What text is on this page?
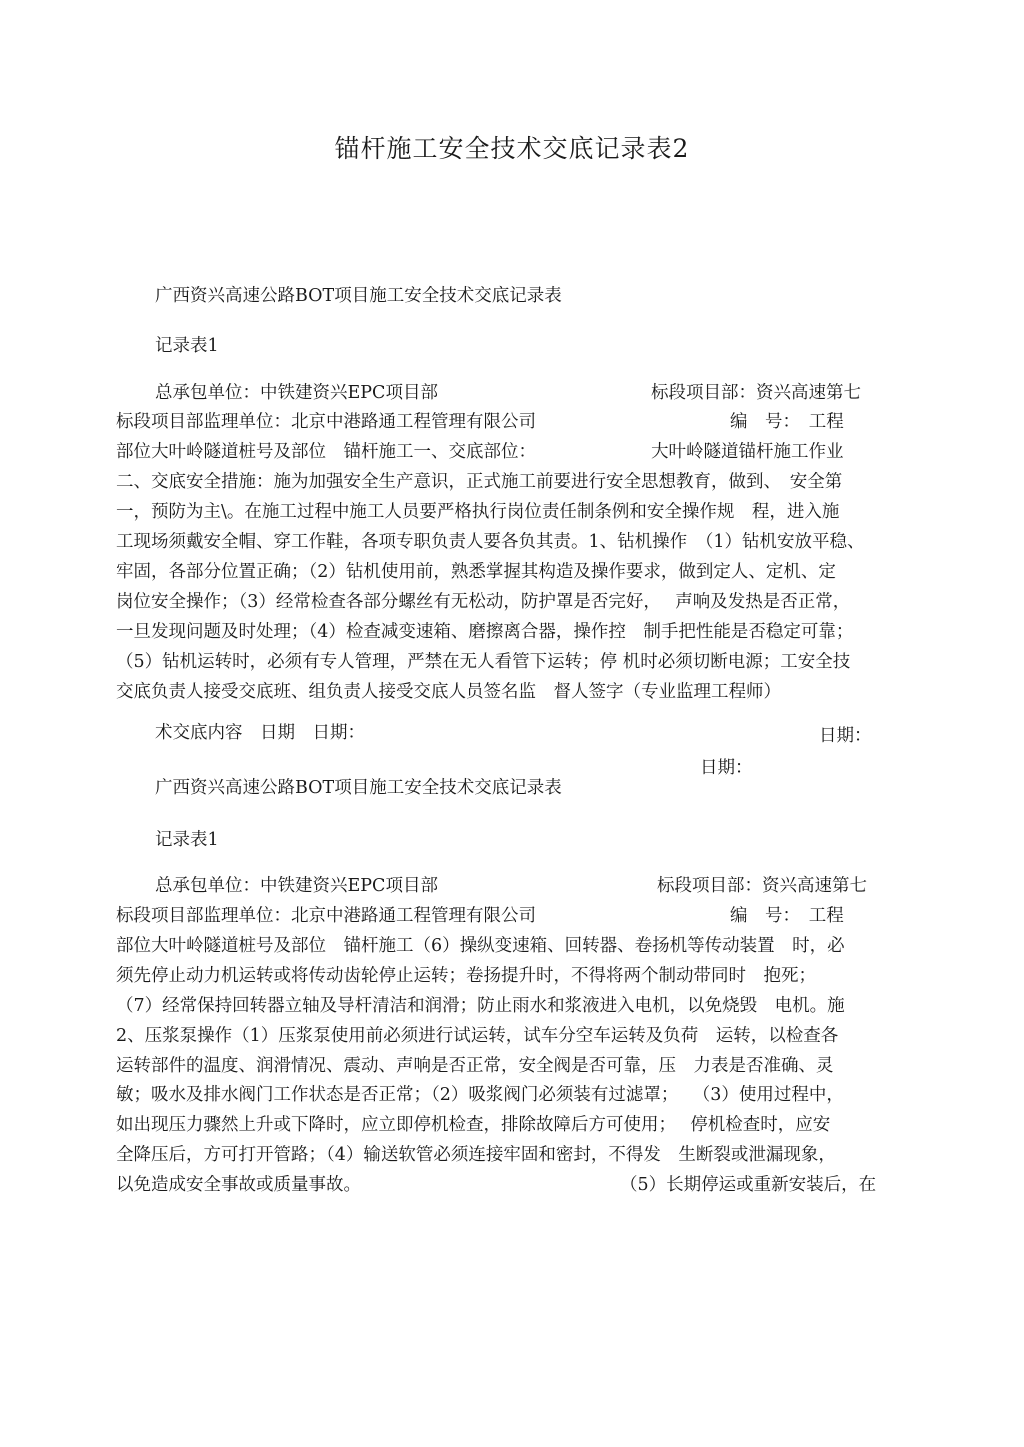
锚杆施工安全技术交底记录表2
广西资兴高速公路BOT项目施工安全技术交底记录表
记录表1
总承包单位：中铁建资兴EPC项目部	标段项目部：资兴高速第七
标段项目部监理单位：北京中港路通工程管理有限公司	编　号：　工程
部位大叶岭隧道桩号及部位　锚杆施工一、交底部位：	大叶岭隧道锚杆施工作业
二、交底安全措施：施为加强安全生产意识，正式施工前要进行安全思想教育，做到、　安全第
一，预防为主\。在施工过程中施工人员要严格执行岗位责任制条例和安全操作规　程，进入施
工现场须戴安全帽、穿工作鞋，各项专职负责人要各负其责。1、钻机操作　（1）钻机安放平稳、
牢固，各部分位置正确；（2）钻机使用前，熟悉掌握其构造及操作要求，做到定人、定机、定
岗位安全操作；（3）经常检查各部分螺丝有无松动，防护罩是否完好，　 声响及发热是否正常，
一旦发现问题及时处理；（4）检查减变速箱、磨擦离合器，操作控　制手把性能是否稳定可靠；
（5）钻机运转时，必须有专人管理，严禁在无人看管下运转；停 机时必须切断电源；工安全技
交底负责人接受交底班、组负责人接受交底人员签名监　督人签字（专业监理工程师）
术交底内容　日期　日期：	日期：
日期：
广西资兴高速公路BOT项目施工安全技术交底记录表
记录表1
总承包单位：中铁建资兴EPC项目部	标段项目部：资兴高速第七
标段项目部监理单位：北京中港路通工程管理有限公司	编　号：　工程
部位大叶岭隧道桩号及部位　锚杆施工（6）操纵变速箱、回转器、卷扬机等传动装置　时，必
须先停止动力机运转或将传动齿轮停止运转；卷扬提升时，不得将两个制动带同时　抱死；
（7）经常保持回转器立轴及导杆清洁和润滑；防止雨水和浆液进入电机，以免烧毁　电机。施
2、压浆泵操作（1）压浆泵使用前必须进行试运转，试车分空车运转及负荷　运转，以检查各
运转部件的温度、润滑情况、震动、声响是否正常，安全阀是否可靠，压　力表是否准确、灵
敏；吸水及排水阀门工作状态是否正常；（2）吸浆阀门必须装有过滤罩；　 （3）使用过程中，
如出现压力骤然上升或下降时，应立即停机检查，排除故障后方可使用；　 停机检查时，应安
全降压后，方可打开管路；（4）输送软管必须连接牢固和密封，不得发　生断裂或泄漏现象，
以免造成安全事故或质量事故。	（5）长期停运或重新安装后，在
